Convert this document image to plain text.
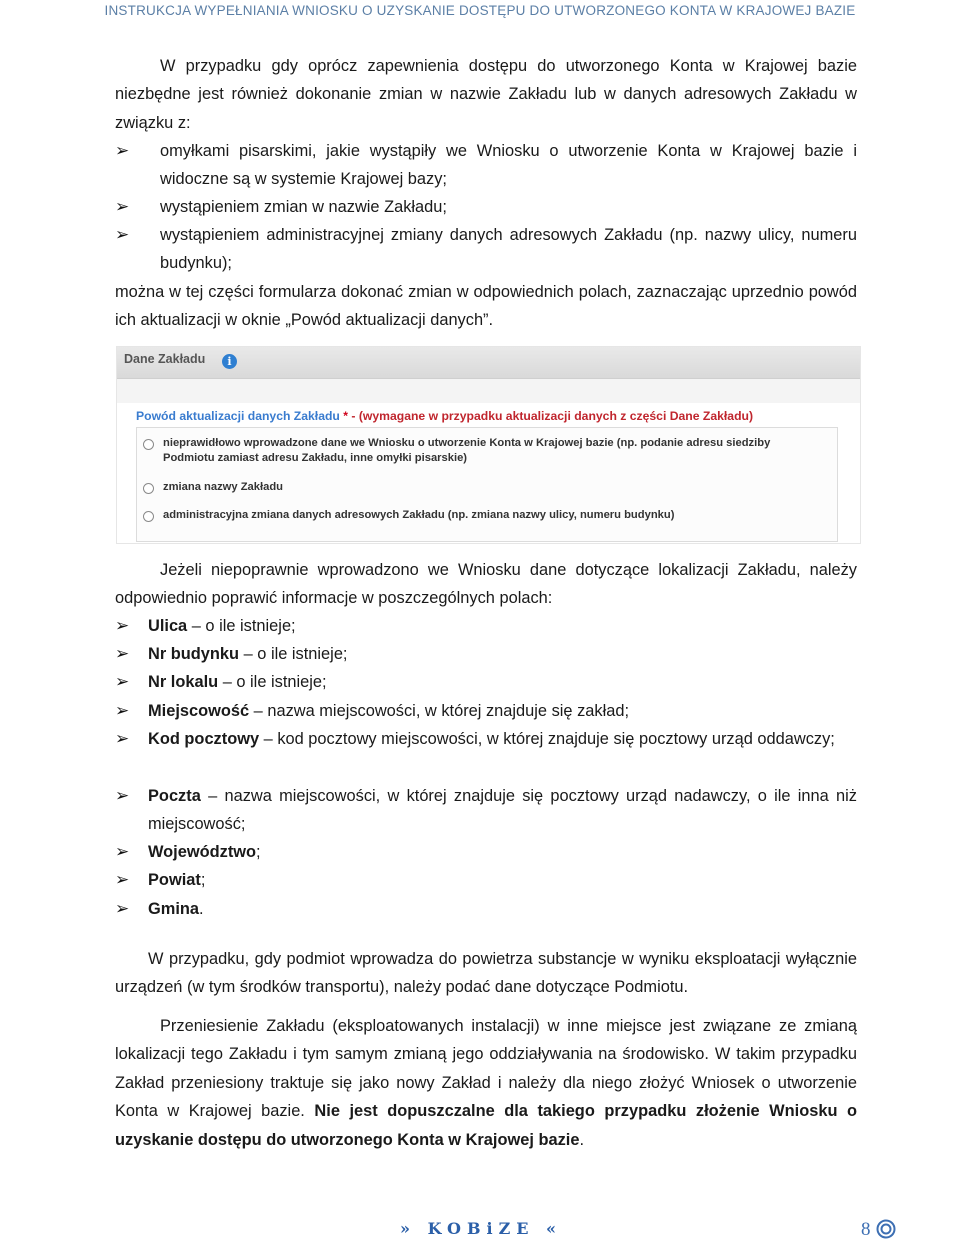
INSTRUKCJA WYPEŁNIANIA WNIOSKU O UZYSKANIE DOSTĘPU DO UTWORZONEGO KONTA W KRAJOWEJ BAZIE

W przypadku gdy oprócz zapewnienia dostępu do utworzonego Konta w Krajowej bazie niezbędne jest również dokonanie zmian w nazwie Zakładu lub w danych adresowych Zakładu w związku z:

➢	omyłkami pisarskimi, jakie wystąpiły we Wniosku o utworzenie Konta w Krajowej bazie i widoczne są w systemie Krajowej bazy;
➢	wystąpieniem zmian w nazwie Zakładu;
➢	wystąpieniem administracyjnej zmiany danych adresowych Zakładu (np. nazwy ulicy, numeru budynku);

można w tej części formularza dokonać zmian w odpowiednich polach, zaznaczając uprzednio powód ich aktualizacji w oknie „Powód aktualizacji danych”.

Dane Zakładu	i
Powód aktualizacji danych Zakładu * - (wymagane w przypadku aktualizacji danych z części Dane Zakładu)
nieprawidłowo wprowadzone dane we Wniosku o utworzenie Konta w Krajowej bazie (np. podanie adresu siedziby Podmiotu zamiast adresu Zakładu, inne omyłki pisarskie)
zmiana nazwy Zakładu
administracyjna zmiana danych adresowych Zakładu (np. zmiana nazwy ulicy, numeru budynku)

Jeżeli niepoprawnie wprowadzono we Wniosku dane dotyczące lokalizacji Zakładu, należy odpowiednio poprawić informacje w poszczególnych polach:

➢	Ulica – o ile istnieje;
➢	Nr budynku – o ile istnieje;
➢	Nr lokalu – o ile istnieje;
➢	Miejscowość – nazwa miejscowości, w której znajduje się zakład;
➢	Kod pocztowy – kod pocztowy miejscowości, w której znajduje się pocztowy urząd oddawczy;
➢	Poczta – nazwa miejscowości, w której znajduje się pocztowy urząd nadawczy, o ile inna niż miejscowość;
➢	Województwo;
➢	Powiat;
➢	Gmina.

W przypadku, gdy podmiot wprowadza do powietrza substancje w wyniku eksploatacji wyłącznie urządzeń (w tym środków transportu), należy podać dane dotyczące Podmiotu.

Przeniesienie Zakładu (eksploatowanych instalacji) w inne miejsce jest związane ze zmianą lokalizacji tego Zakładu i tym samym zmianą jego oddziaływania na środowisko. W takim przypadku Zakład przeniesiony traktuje się jako nowy Zakład i należy dla niego złożyć Wniosek o utworzenie Konta w Krajowej bazie. Nie jest dopuszczalne dla takiego przypadku złożenie Wniosku o uzyskanie dostępu do utworzonego Konta w Krajowej bazie.

» KOBiZE «	8
